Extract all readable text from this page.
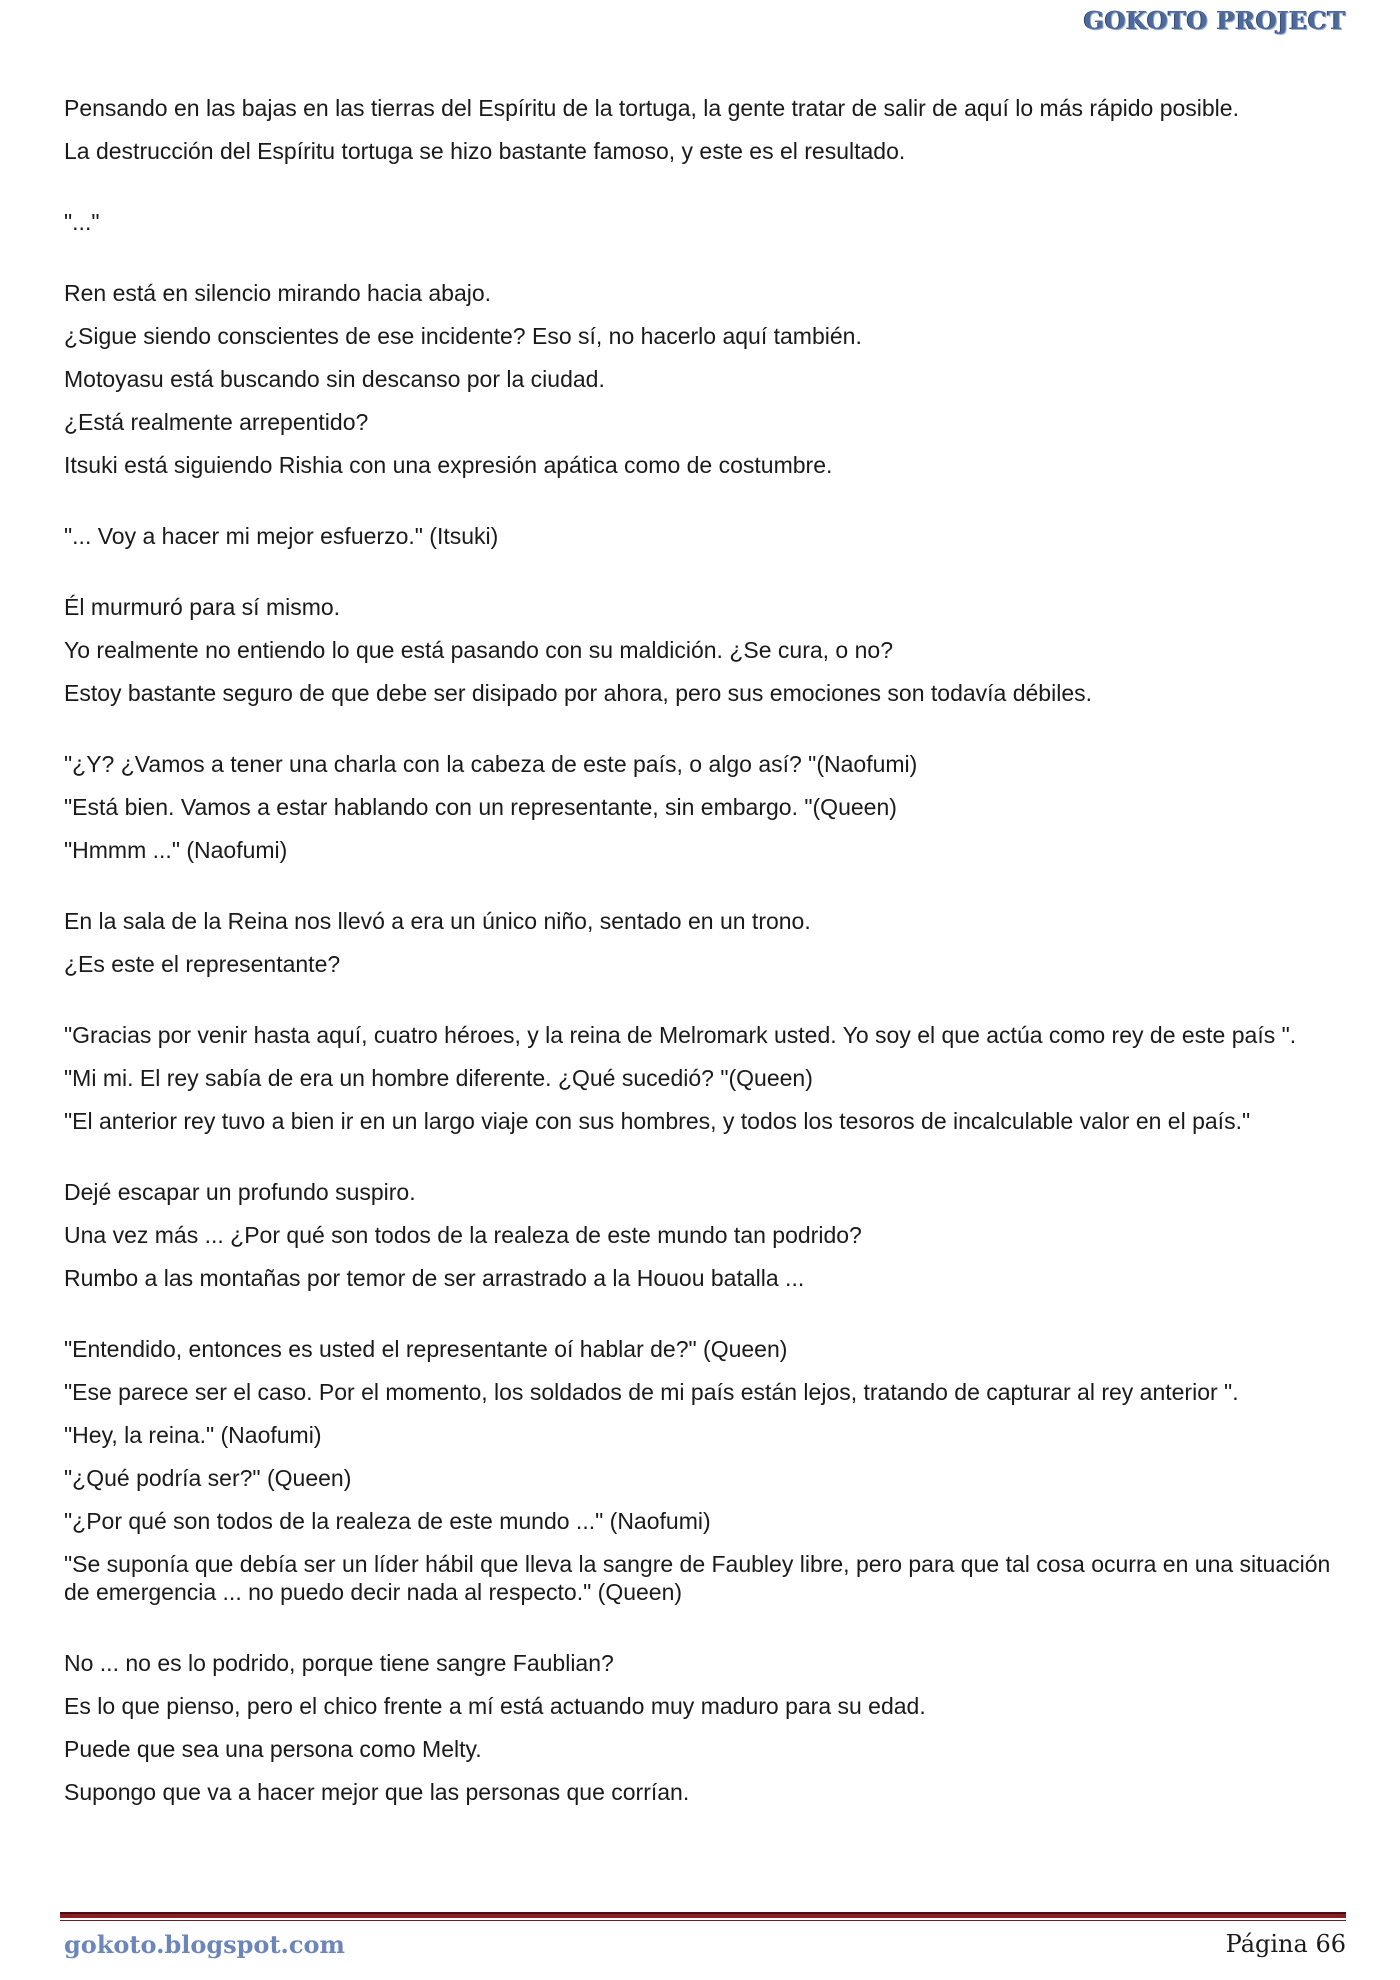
GOKOTO PROJECT

Pensando en las bajas en las tierras del Espíritu de la tortuga, la gente tratar de salir de aquí lo más rápido posible.

La destrucción del Espíritu tortuga se hizo bastante famoso, y este es el resultado.

"..."

Ren está en silencio mirando hacia abajo.

¿Sigue siendo conscientes de ese incidente? Eso sí, no hacerlo aquí también.

Motoyasu está buscando sin descanso por la ciudad.

¿Está realmente arrepentido?

Itsuki está siguiendo Rishia con una expresión apática como de costumbre.

"... Voy a hacer mi mejor esfuerzo." (Itsuki)

Él murmuró para sí mismo.

Yo realmente no entiendo lo que está pasando con su maldición. ¿Se cura, o no?

Estoy bastante seguro de que debe ser disipado por ahora, pero sus emociones son todavía débiles.

"¿Y? ¿Vamos a tener una charla con la cabeza de este país, o algo así? "(Naofumi)

"Está bien. Vamos a estar hablando con un representante, sin embargo. "(Queen)

"Hmmm ..." (Naofumi)

En la sala de la Reina nos llevó a era un único niño, sentado en un trono.

¿Es este el representante?

"Gracias por venir hasta aquí, cuatro héroes, y la reina de Melromark usted. Yo soy el que actúa como rey de este país ".

"Mi mi. El rey sabía de era un hombre diferente. ¿Qué sucedió? "(Queen)

"El anterior rey tuvo a bien ir en un largo viaje con sus hombres, y todos los tesoros de incalculable valor en el país."

Dejé escapar un profundo suspiro.

Una vez más ... ¿Por qué son todos de la realeza de este mundo tan podrido?

Rumbo a las montañas por temor de ser arrastrado a la Houou batalla ...

"Entendido, entonces es usted el representante oí hablar de?" (Queen)

"Ese parece ser el caso. Por el momento, los soldados de mi país están lejos, tratando de capturar al rey anterior ".

"Hey, la reina." (Naofumi)

"¿Qué podría ser?" (Queen)

"¿Por qué son todos de la realeza de este mundo ..." (Naofumi)

"Se suponía que debía ser un líder hábil que lleva la sangre de Faubley libre, pero para que tal cosa ocurra en una situación de emergencia ... no puedo decir nada al respecto." (Queen)

No ... no es lo podrido, porque tiene sangre Faublian?

Es lo que pienso, pero el chico frente a mí está actuando muy maduro para su edad.

Puede que sea una persona como Melty.

Supongo que va a hacer mejor que las personas que corrían.

gokoto.blogspot.com	Página 66
